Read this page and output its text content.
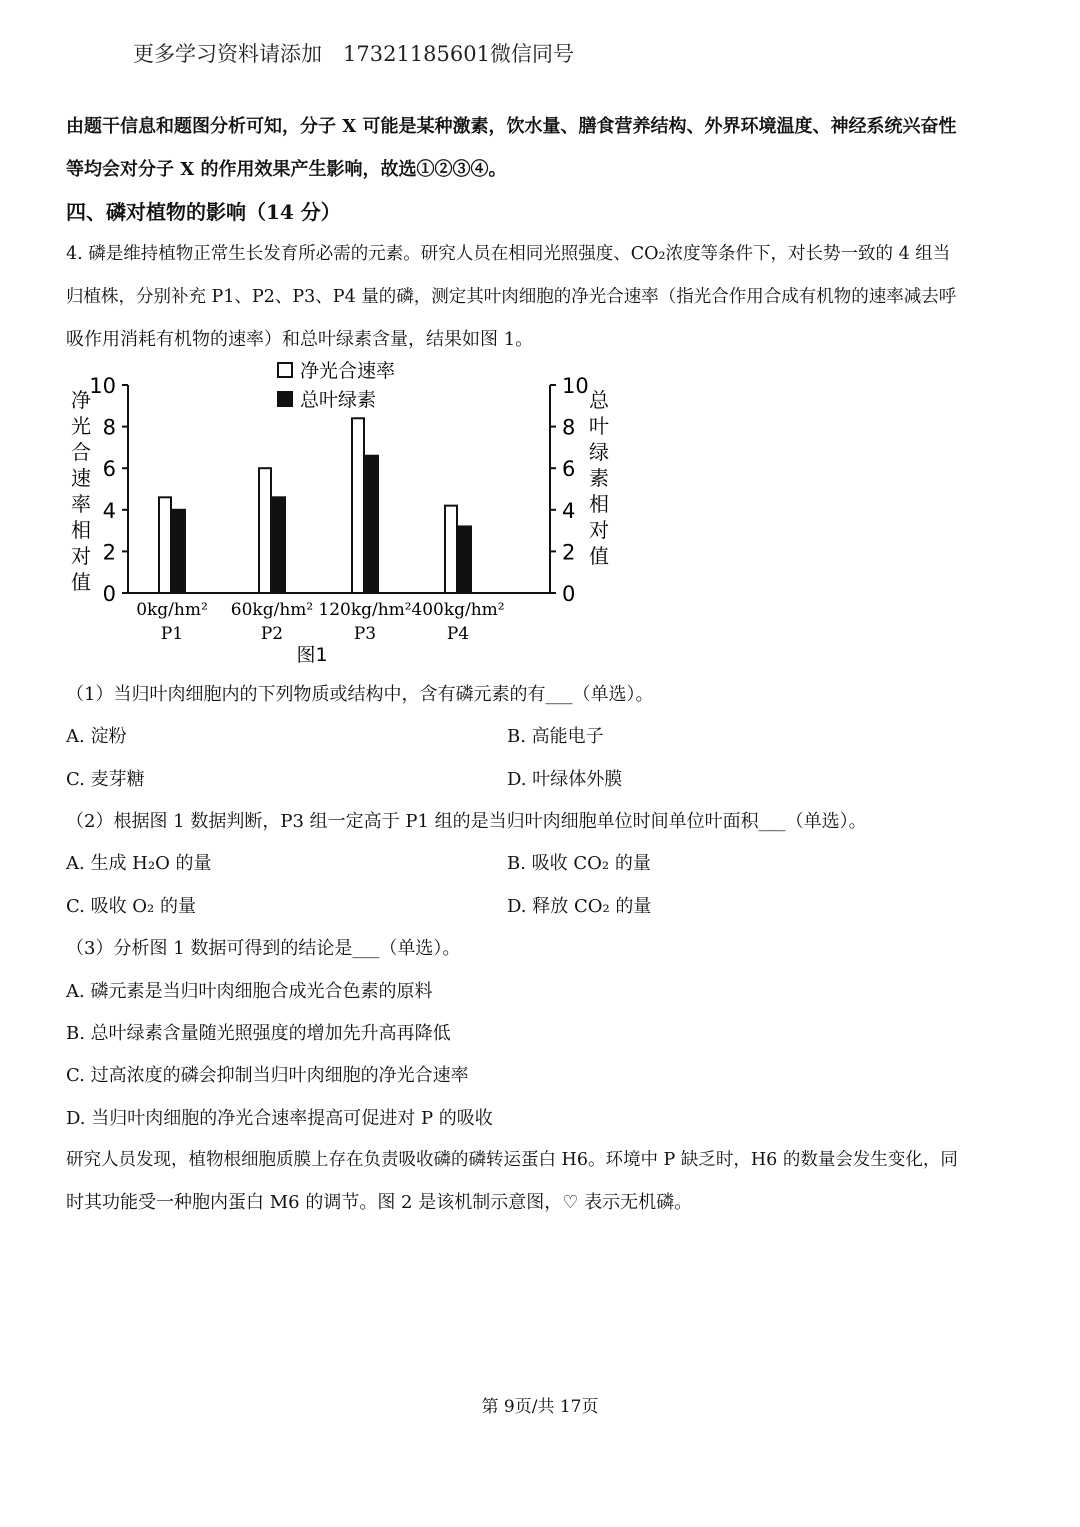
更多学习资料请添加　17321185601微信同号
由题干信息和题图分析可知，分子 X 可能是某种激素，饮水量、膳食营养结构、外界环境温度、神经系统兴奋性
等均会对分子 X 的作用效果产生影响，故选①②③④。
四、磷对植物的影响（14 分）
4. 磷是维持植物正常生长发育所必需的元素。研究人员在相同光照强度、CO₂浓度等条件下，对长势一致的 4 组当
归植株，分别补充 P1、P2、P3、P4 量的磷，测定其叶肉细胞的净光合速率（指光合作用合成有机物的速率减去呼
吸作用消耗有机物的速率）和总叶绿素含量，结果如图 1。
0	0
2	2
4	4
6	6
8	8
10	10
净
光
合
速
率
相
对
值
总
叶
绿
素
相
对
值
0kg/hm²
P1
60kg/hm²
P2
120kg/hm²
P3
400kg/hm²
P4
净光合速率
总叶绿素
图1
（1）当归叶肉细胞内的下列物质或结构中，含有磷元素的有___（单选）。
A. 淀粉	B. 高能电子
C. 麦芽糖	D. 叶绿体外膜
（2）根据图 1 数据判断，P3 组一定高于 P1 组的是当归叶肉细胞单位时间单位叶面积___（单选）。
A. 生成 H₂O 的量	B. 吸收 CO₂ 的量
C. 吸收 O₂ 的量	D. 释放 CO₂ 的量
（3）分析图 1 数据可得到的结论是___（单选）。
A. 磷元素是当归叶肉细胞合成光合色素的原料
B. 总叶绿素含量随光照强度的增加先升高再降低
C. 过高浓度的磷会抑制当归叶肉细胞的净光合速率
D. 当归叶肉细胞的净光合速率提高可促进对 P 的吸收
研究人员发现，植物根细胞质膜上存在负责吸收磷的磷转运蛋白 H6。环境中 P 缺乏时，H6 的数量会发生变化，同
时其功能受一种胞内蛋白 M6 的调节。图 2 是该机制示意图，♡ 表示无机磷。
第 9页/共 17页
